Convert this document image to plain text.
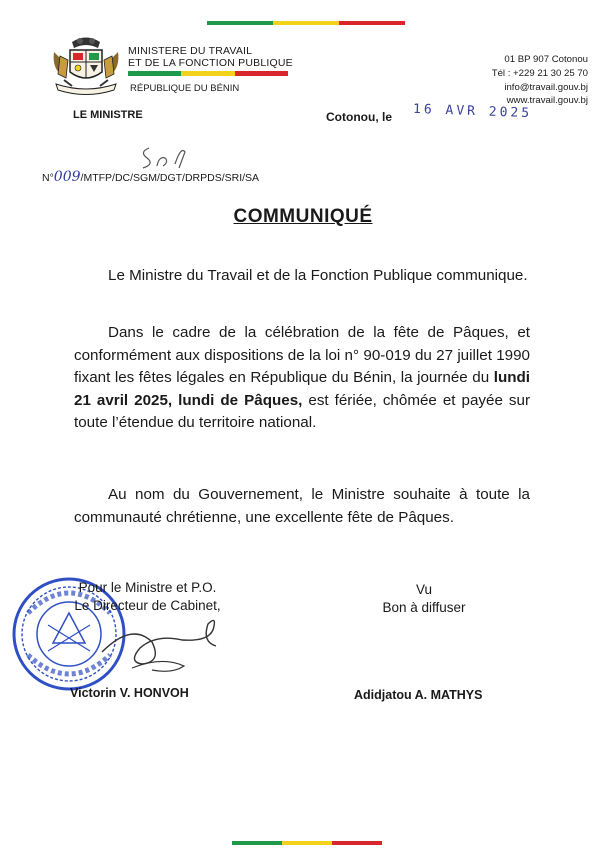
MINISTERE DU TRAVAIL
ET DE LA FONCTION PUBLIQUE
RÉPUBLIQUE DU BÉNIN
01 BP 907 Cotonou
Tél : +229 21 30 25 70
info@travail.gouv.bj
www.travail.gouv.bj
LE MINISTRE	Cotonou, le 16 AVR 2025
N°009/MTFP/DC/SGM/DGT/DRPDS/SRI/SA
COMMUNIQUÉ
Le Ministre du Travail et de la Fonction Publique communique.
Dans le cadre de la célébration de la fête de Pâques, et conformément aux dispositions de la loi n° 90-019 du 27 juillet 1990 fixant les fêtes légales en République du Bénin, la journée du lundi 21 avril 2025, lundi de Pâques, est fériée, chômée et payée sur toute l’étendue du territoire national.
Au nom du Gouvernement, le Ministre souhaite à toute la communauté chrétienne, une excellente fête de Pâques.
Pour le Ministre et P.O.
Le Directeur de Cabinet,
Victorin V. HONVOH
Vu
Bon à diffuser
Adidjatou A. MATHYS
